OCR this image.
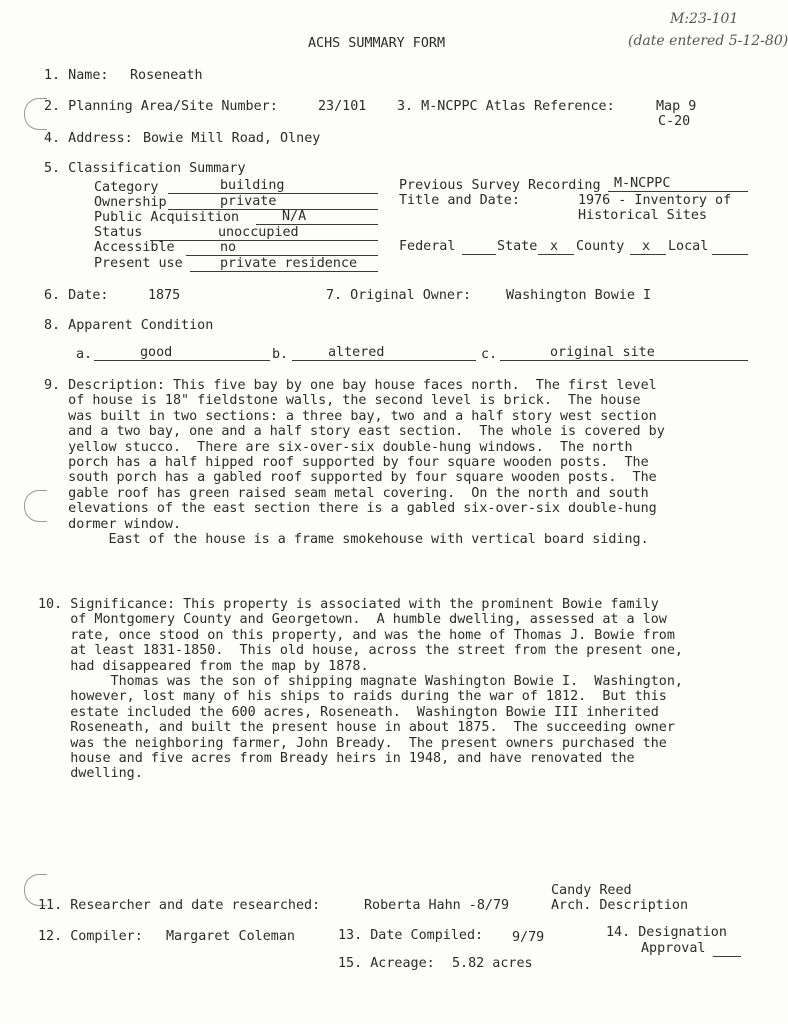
ACHS SUMMARY FORM
M:23-101
(date entered 5-12-80)
1. Name: Roseneath
2. Planning Area/Site Number:	23/101 3. M-NCPPC Atlas Reference:	Map 9
C-20
4. Address: Bowie Mill Road, Olney
5. Classification Summary
Category	building
Ownership	private
Public Acquisition	N/A
Status	unoccupied
Accessible	no
Present use	private residence
Previous Survey Recording	M-NCPPC
Title and Date:	1976 - Inventory of
Historical Sites
Federal
	State x	County	x	Local

6. Date:	1875	7. Original Owner:	Washington Bowie I
8. Apparent Condition
a.	good	b.	altered	c.	original site
9. Description: This five bay by one bay house faces north.  The first level
of house is 18" fieldstone walls, the second level is brick.  The house
was built in two sections: a three bay, two and a half story west section
and a two bay, one and a half story east section.  The whole is covered by
yellow stucco.  There are six-over-six double-hung windows.  The north
porch has a half hipped roof supported by four square wooden posts.  The
south porch has a gabled roof supported by four square wooden posts.  The
gable roof has green raised seam metal covering.  On the north and south
elevations of the east section there is a gabled six-over-six double-hung
dormer window.
East of the house is a frame smokehouse with vertical board siding.
10. Significance: This property is associated with the prominent Bowie family
of Montgomery County and Georgetown.  A humble dwelling, assessed at a low
rate, once stood on this property, and was the home of Thomas J. Bowie from
at least 1831-1850.  This old house, across the street from the present one,
had disappeared from the map by 1878.
Thomas was the son of shipping magnate Washington Bowie I.  Washington,
however, lost many of his ships to raids during the war of 1812.  But this
estate included the 600 acres, Roseneath.  Washington Bowie III inherited
Roseneath, and built the present house in about 1875.  The succeeding owner
was the neighboring farmer, John Bready.  The present owners purchased the
house and five acres from Bready heirs in 1948, and have renovated the
dwelling.
11. Researcher and date researched:	Roberta Hahn -8/79
Candy Reed
Arch. Description
12. Compiler: Margaret Coleman	13. Date Compiled: 9/79	14. Designation
Approval

15. Acreage: 5.82 acres
